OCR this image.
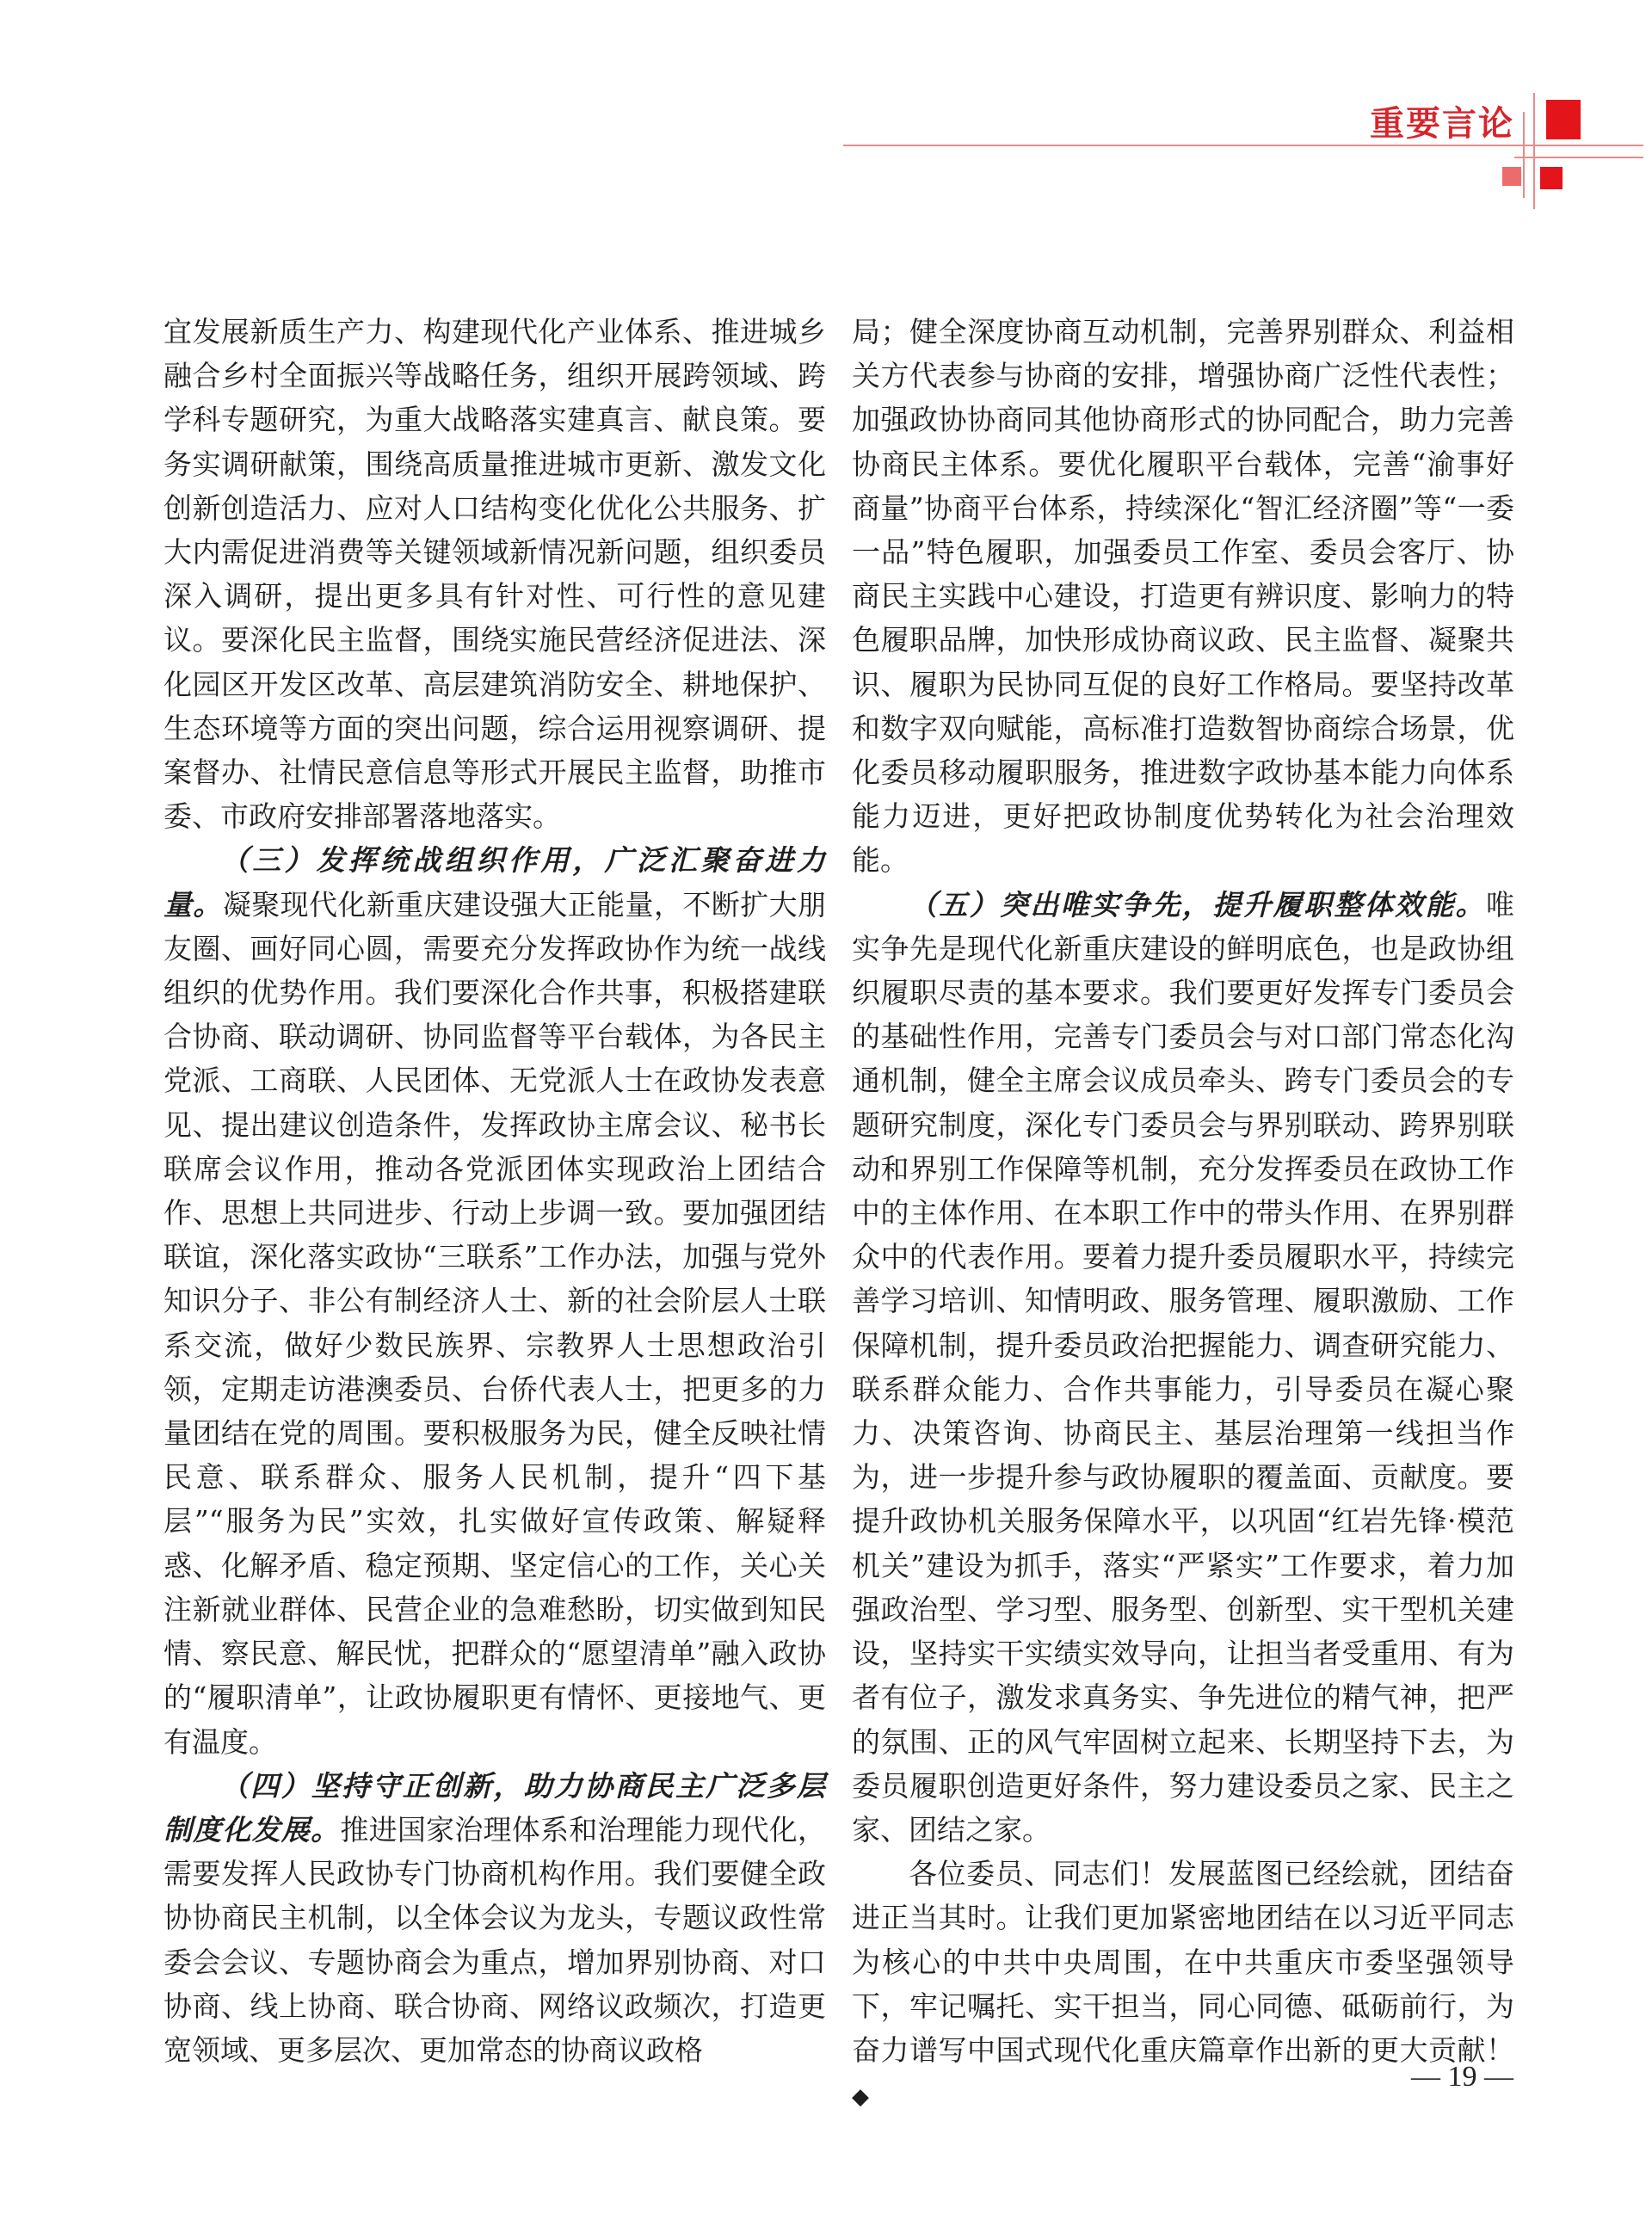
重要言论

宜发展新质生产力、构建现代化产业体系、推进城乡融合乡村全面振兴等战略任务，组织开展跨领域、跨学科专题研究，为重大战略落实建真言、献良策。要务实调研献策，围绕高质量推进城市更新、激发文化创新创造活力、应对人口结构变化优化公共服务、扩大内需促进消费等关键领域新情况新问题，组织委员深入调研，提出更多具有针对性、可行性的意见建议。要深化民主监督，围绕实施民营经济促进法、深化园区开发区改革、高层建筑消防安全、耕地保护、生态环境等方面的突出问题，综合运用视察调研、提案督办、社情民意信息等形式开展民主监督，助推市委、市政府安排部署落地落实。

（三）发挥统战组织作用，广泛汇聚奋进力量。凝聚现代化新重庆建设强大正能量，不断扩大朋友圈、画好同心圆，需要充分发挥政协作为统一战线组织的优势作用。我们要深化合作共事，积极搭建联合协商、联动调研、协同监督等平台载体，为各民主党派、工商联、人民团体、无党派人士在政协发表意见、提出建议创造条件，发挥政协主席会议、秘书长联席会议作用，推动各党派团体实现政治上团结合作、思想上共同进步、行动上步调一致。要加强团结联谊，深化落实政协“三联系”工作办法，加强与党外知识分子、非公有制经济人士、新的社会阶层人士联系交流，做好少数民族界、宗教界人士思想政治引领，定期走访港澳委员、台侨代表人士，把更多的力量团结在党的周围。要积极服务为民，健全反映社情民意、联系群众、服务人民机制，提升“四下基层”“服务为民”实效，扎实做好宣传政策、解疑释惑、化解矛盾、稳定预期、坚定信心的工作，关心关注新就业群体、民营企业的急难愁盼，切实做到知民情、察民意、解民忧，把群众的“愿望清单”融入政协的“履职清单”，让政协履职更有情怀、更接地气、更有温度。

（四）坚持守正创新，助力协商民主广泛多层制度化发展。推进国家治理体系和治理能力现代化，需要发挥人民政协专门协商机构作用。我们要健全政协协商民主机制，以全体会议为龙头，专题议政性常委会会议、专题协商会为重点，增加界别协商、对口协商、线上协商、联合协商、网络议政频次，打造更宽领域、更多层次、更加常态的协商议政格

局；健全深度协商互动机制，完善界别群众、利益相关方代表参与协商的安排，增强协商广泛性代表性；加强政协协商同其他协商形式的协同配合，助力完善协商民主体系。要优化履职平台载体，完善“渝事好商量”协商平台体系，持续深化“智汇经济圈”等“一委一品”特色履职，加强委员工作室、委员会客厅、协商民主实践中心建设，打造更有辨识度、影响力的特色履职品牌，加快形成协商议政、民主监督、凝聚共识、履职为民协同互促的良好工作格局。要坚持改革和数字双向赋能，高标准打造数智协商综合场景，优化委员移动履职服务，推进数字政协基本能力向体系能力迈进，更好把政协制度优势转化为社会治理效能。

（五）突出唯实争先，提升履职整体效能。唯实争先是现代化新重庆建设的鲜明底色，也是政协组织履职尽责的基本要求。我们要更好发挥专门委员会的基础性作用，完善专门委员会与对口部门常态化沟通机制，健全主席会议成员牵头、跨专门委员会的专题研究制度，深化专门委员会与界别联动、跨界别联动和界别工作保障等机制，充分发挥委员在政协工作中的主体作用、在本职工作中的带头作用、在界别群众中的代表作用。要着力提升委员履职水平，持续完善学习培训、知情明政、服务管理、履职激励、工作保障机制，提升委员政治把握能力、调查研究能力、联系群众能力、合作共事能力，引导委员在凝心聚力、决策咨询、协商民主、基层治理第一线担当作为，进一步提升参与政协履职的覆盖面、贡献度。要提升政协机关服务保障水平，以巩固“红岩先锋·模范机关”建设为抓手，落实“严紧实”工作要求，着力加强政治型、学习型、服务型、创新型、实干型机关建设，坚持实干实绩实效导向，让担当者受重用、有为者有位子，激发求真务实、争先进位的精气神，把严的氛围、正的风气牢固树立起来、长期坚持下去，为委员履职创造更好条件，努力建设委员之家、民主之家、团结之家。

各位委员、同志们！发展蓝图已经绘就，团结奋进正当其时。让我们更加紧密地团结在以习近平同志为核心的中共中央周围，在中共重庆市委坚强领导下，牢记嘱托、实干担当，同心同德、砥砺前行，为奋力谱写中国式现代化重庆篇章作出新的更大贡献！◆

— 19 —
